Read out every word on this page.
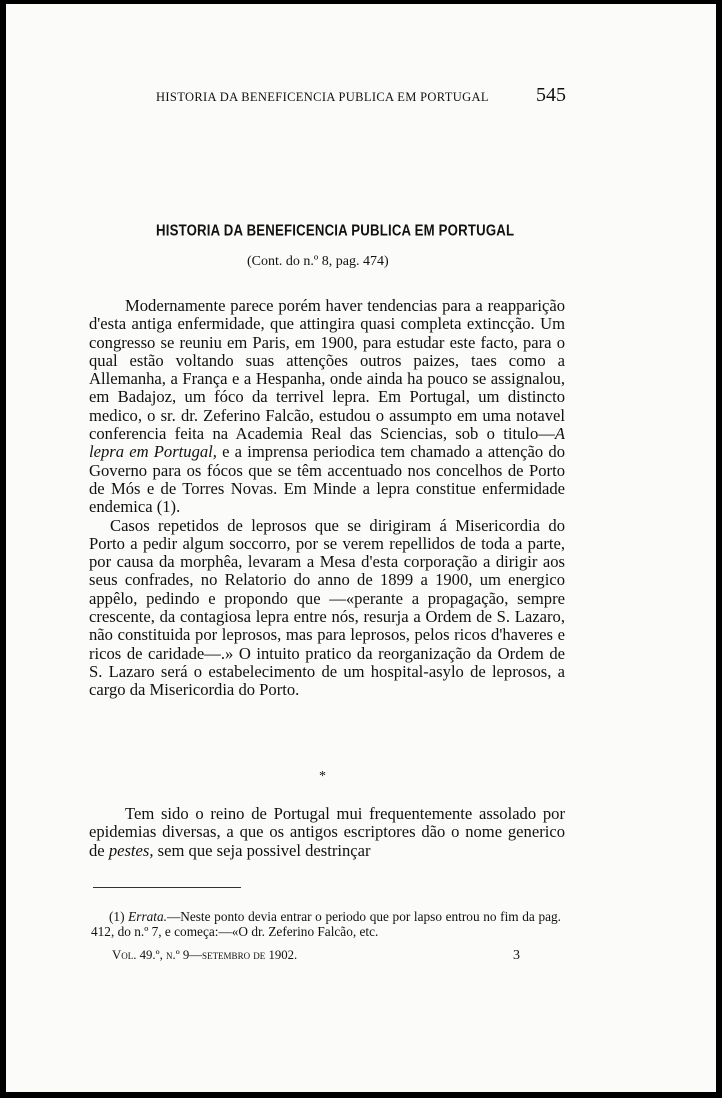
HISTORIA DA BENEFICENCIA PUBLICA EM PORTUGAL 545
HISTORIA DA BENEFICENCIA PUBLICA EM PORTUGAL
(Cont. do n.º 8, pag. 474)

Modernamente parece porém haver tendencias para a reapparição d'esta antiga enfermidade, que attingira quasi completa extincção. Um congresso se reuniu em Paris, em 1900, para estudar este facto, para o qual estão voltando suas attenções outros paizes, taes como a Allemanha, a França e a Hespanha, onde ainda ha pouco se assignalou, em Badajoz, um fóco da terrivel lepra. Em Portugal, um distincto medico, o sr. dr. Zeferino Falcão, estudou o assumpto em uma notavel conferencia feita na Academia Real das Sciencias, sob o titulo—A lepra em Portugal, e a imprensa periodica tem chamado a attenção do Governo para os fócos que se têm accentuado nos concelhos de Porto de Mós e de Torres Novas. Em Minde a lepra constitue enfermidade endemica (1).

Casos repetidos de leprosos que se dirigiram á Misericordia do Porto a pedir algum soccorro, por se verem repellidos de toda a parte, por causa da morphêa, levaram a Mesa d'esta corporação a dirigir aos seus confrades, no Relatorio do anno de 1899 a 1900, um energico appêlo, pedindo e propondo que —«perante a propagação, sempre crescente, da contagiosa lepra entre nós, resurja a Ordem de S. Lazaro, não constituida por leprosos, mas para leprosos, pelos ricos d'haveres e ricos de caridade—.» O intuito pratico da reorganização da Ordem de S. Lazaro será o estabelecimento de um hospital-asylo de leprosos, a cargo da Misericordia do Porto.

*

Tem sido o reino de Portugal mui frequentemente assolado por epidemias diversas, a que os antigos escriptores dão o nome generico de pestes, sem que seja possivel destrinçar

(1) Errata.—Neste ponto devia entrar o periodo que por lapso entrou no fim da pag. 412, do n.º 7, e começa:—«O dr. Zeferino Falcão, etc.
Vol. 49.º, n.º 9—setembro de 1902.	3
